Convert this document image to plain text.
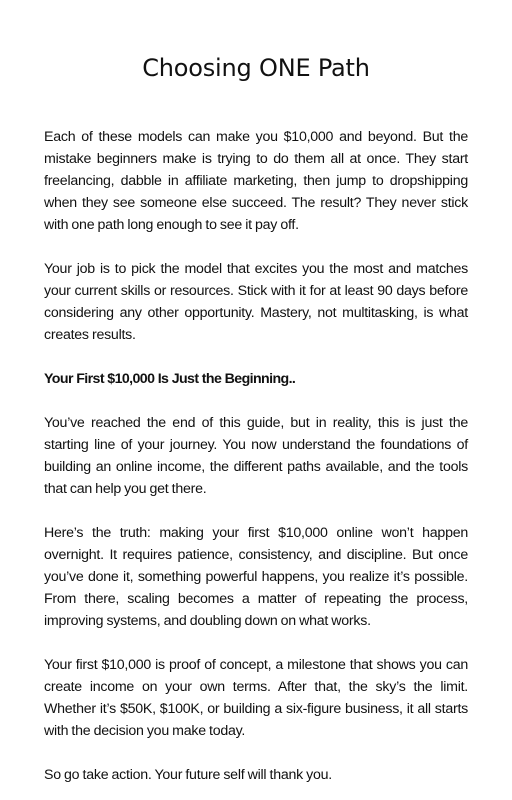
Choosing ONE Path

Each of these models can make you $10,000 and beyond. But the mistake beginners make is trying to do them all at once. They start freelancing, dabble in affiliate marketing, then jump to dropshipping when they see someone else succeed. The result? They never stick with one path long enough to see it pay off.

Your job is to pick the model that excites you the most and matches your current skills or resources. Stick with it for at least 90 days before considering any other opportunity. Mastery, not multitasking, is what creates results.

Your First $10,000 Is Just the Beginning..

You’ve reached the end of this guide, but in reality, this is just the starting line of your journey. You now understand the foundations of building an online income, the different paths available, and the tools that can help you get there.

Here’s the truth: making your first $10,000 online won’t happen overnight. It requires patience, consistency, and discipline. But once you’ve done it, something powerful happens, you realize it’s possible. From there, scaling becomes a matter of repeating the process, improving systems, and doubling down on what works.

Your first $10,000 is proof of concept, a milestone that shows you can create income on your own terms. After that, the sky’s the limit. Whether it’s $50K, $100K, or building a six-figure business, it all starts with the decision you make today.

So go take action. Your future self will thank you.
